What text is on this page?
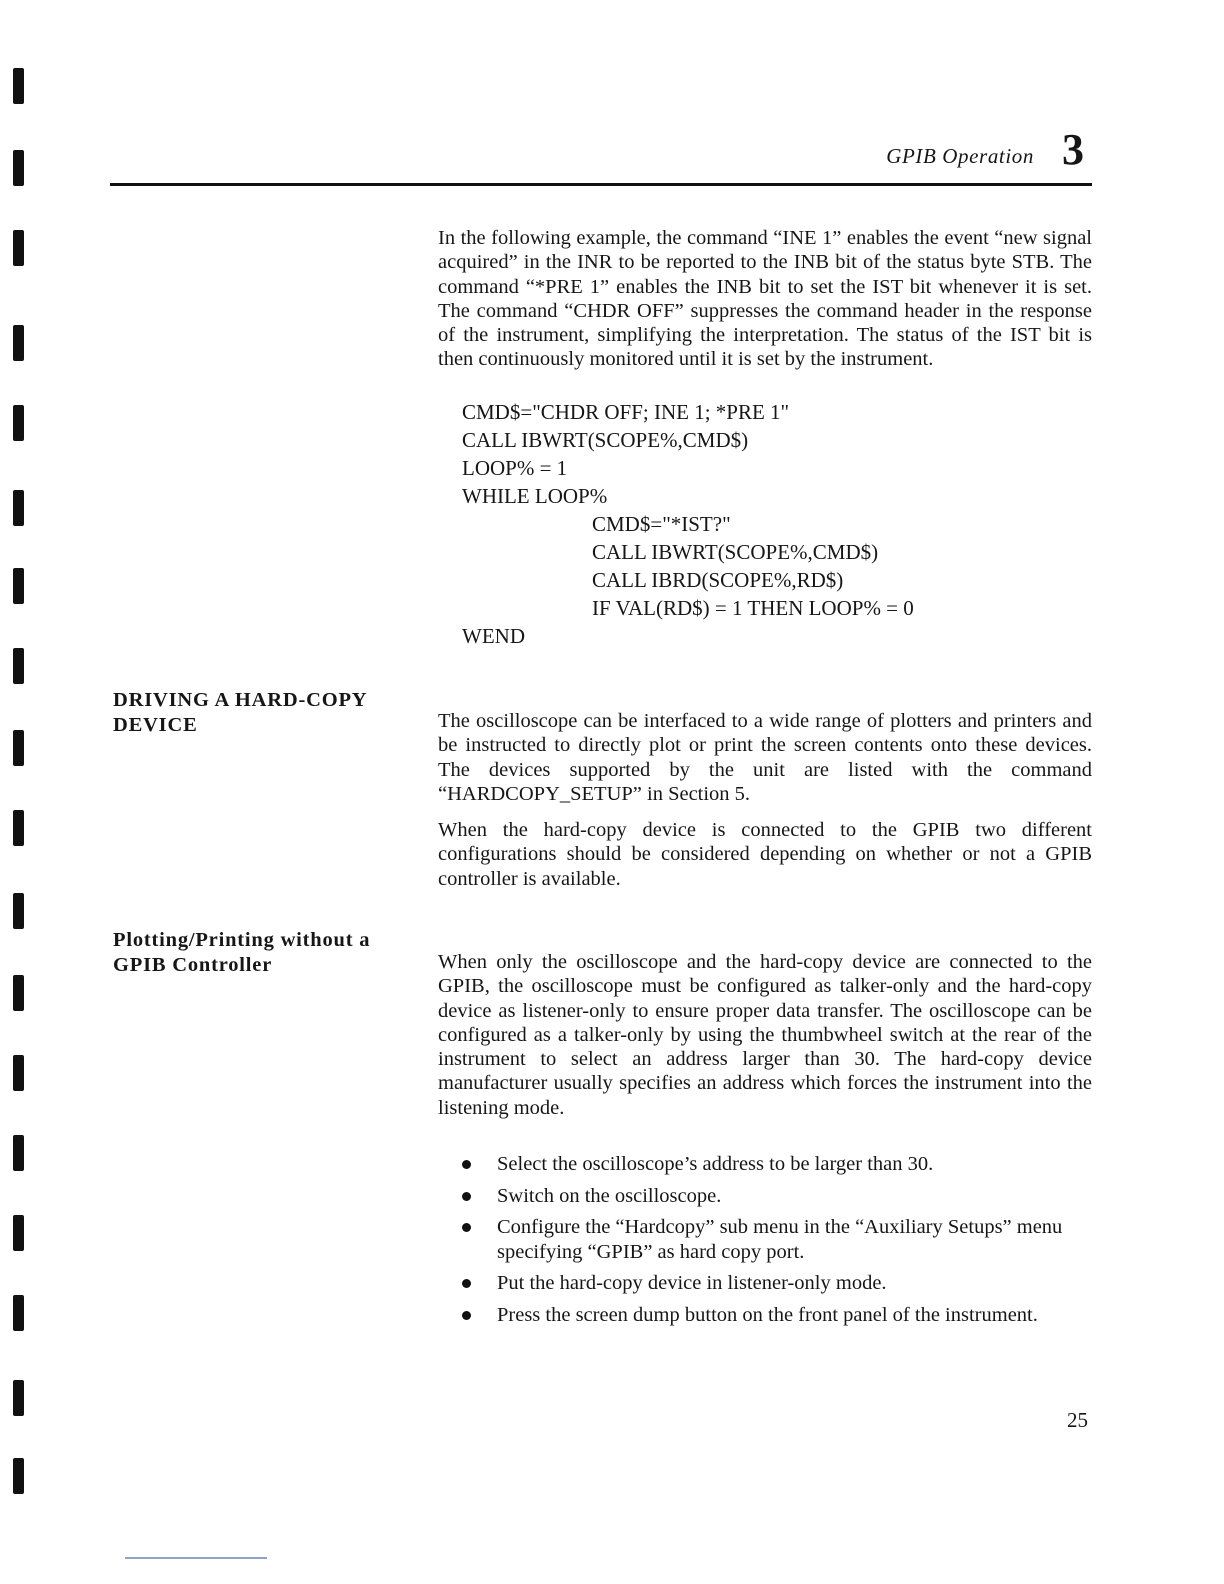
GPIB Operation 3

In the following example, the command “INE 1” enables the event “new signal acquired” in the INR to be reported to the INB bit of the status byte STB. The command “*PRE 1” enables the INB bit to set the IST bit whenever it is set. The command “CHDR OFF” suppresses the command header in the response of the instrument, simplifying the interpretation. The status of the IST bit is then continuously monitored until it is set by the instrument.

CMD$="CHDR OFF; INE 1; *PRE 1"
CALL IBWRT(SCOPE%,CMD$)
LOOP% = 1
WHILE LOOP%
CMD$="*IST?"
CALL IBWRT(SCOPE%,CMD$)
CALL IBRD(SCOPE%,RD$)
IF VAL(RD$) = 1 THEN LOOP% = 0
WEND
DRIVING A HARD-COPY DEVICE	The oscilloscope can be interfaced to a wide range of plotters and printers and be instructed to directly plot or print the screen contents onto these devices. The devices supported by the unit are listed with the command “HARDCOPY_SETUP” in Section 5.

When the hard-copy device is connected to the GPIB two different configurations should be considered depending on whether or not a GPIB controller is available.

Plotting/Printing without a GPIB Controller	When only the oscilloscope and the hard-copy device are connected to the GPIB, the oscilloscope must be configured as talker-only and the hard-copy device as listener-only to ensure proper data transfer. The oscilloscope can be configured as a talker-only by using the thumbwheel switch at the rear of the instrument to select an address larger than 30. The hard-copy device manufacturer usually specifies an address which forces the instrument into the listening mode.

Select the oscilloscope’s address to be larger than 30.
Switch on the oscilloscope.
Configure the “Hardcopy” sub menu in the “Auxiliary Setups” menu specifying “GPIB” as hard copy port.
Put the hard-copy device in listener-only mode.
Press the screen dump button on the front panel of the instrument.
25
